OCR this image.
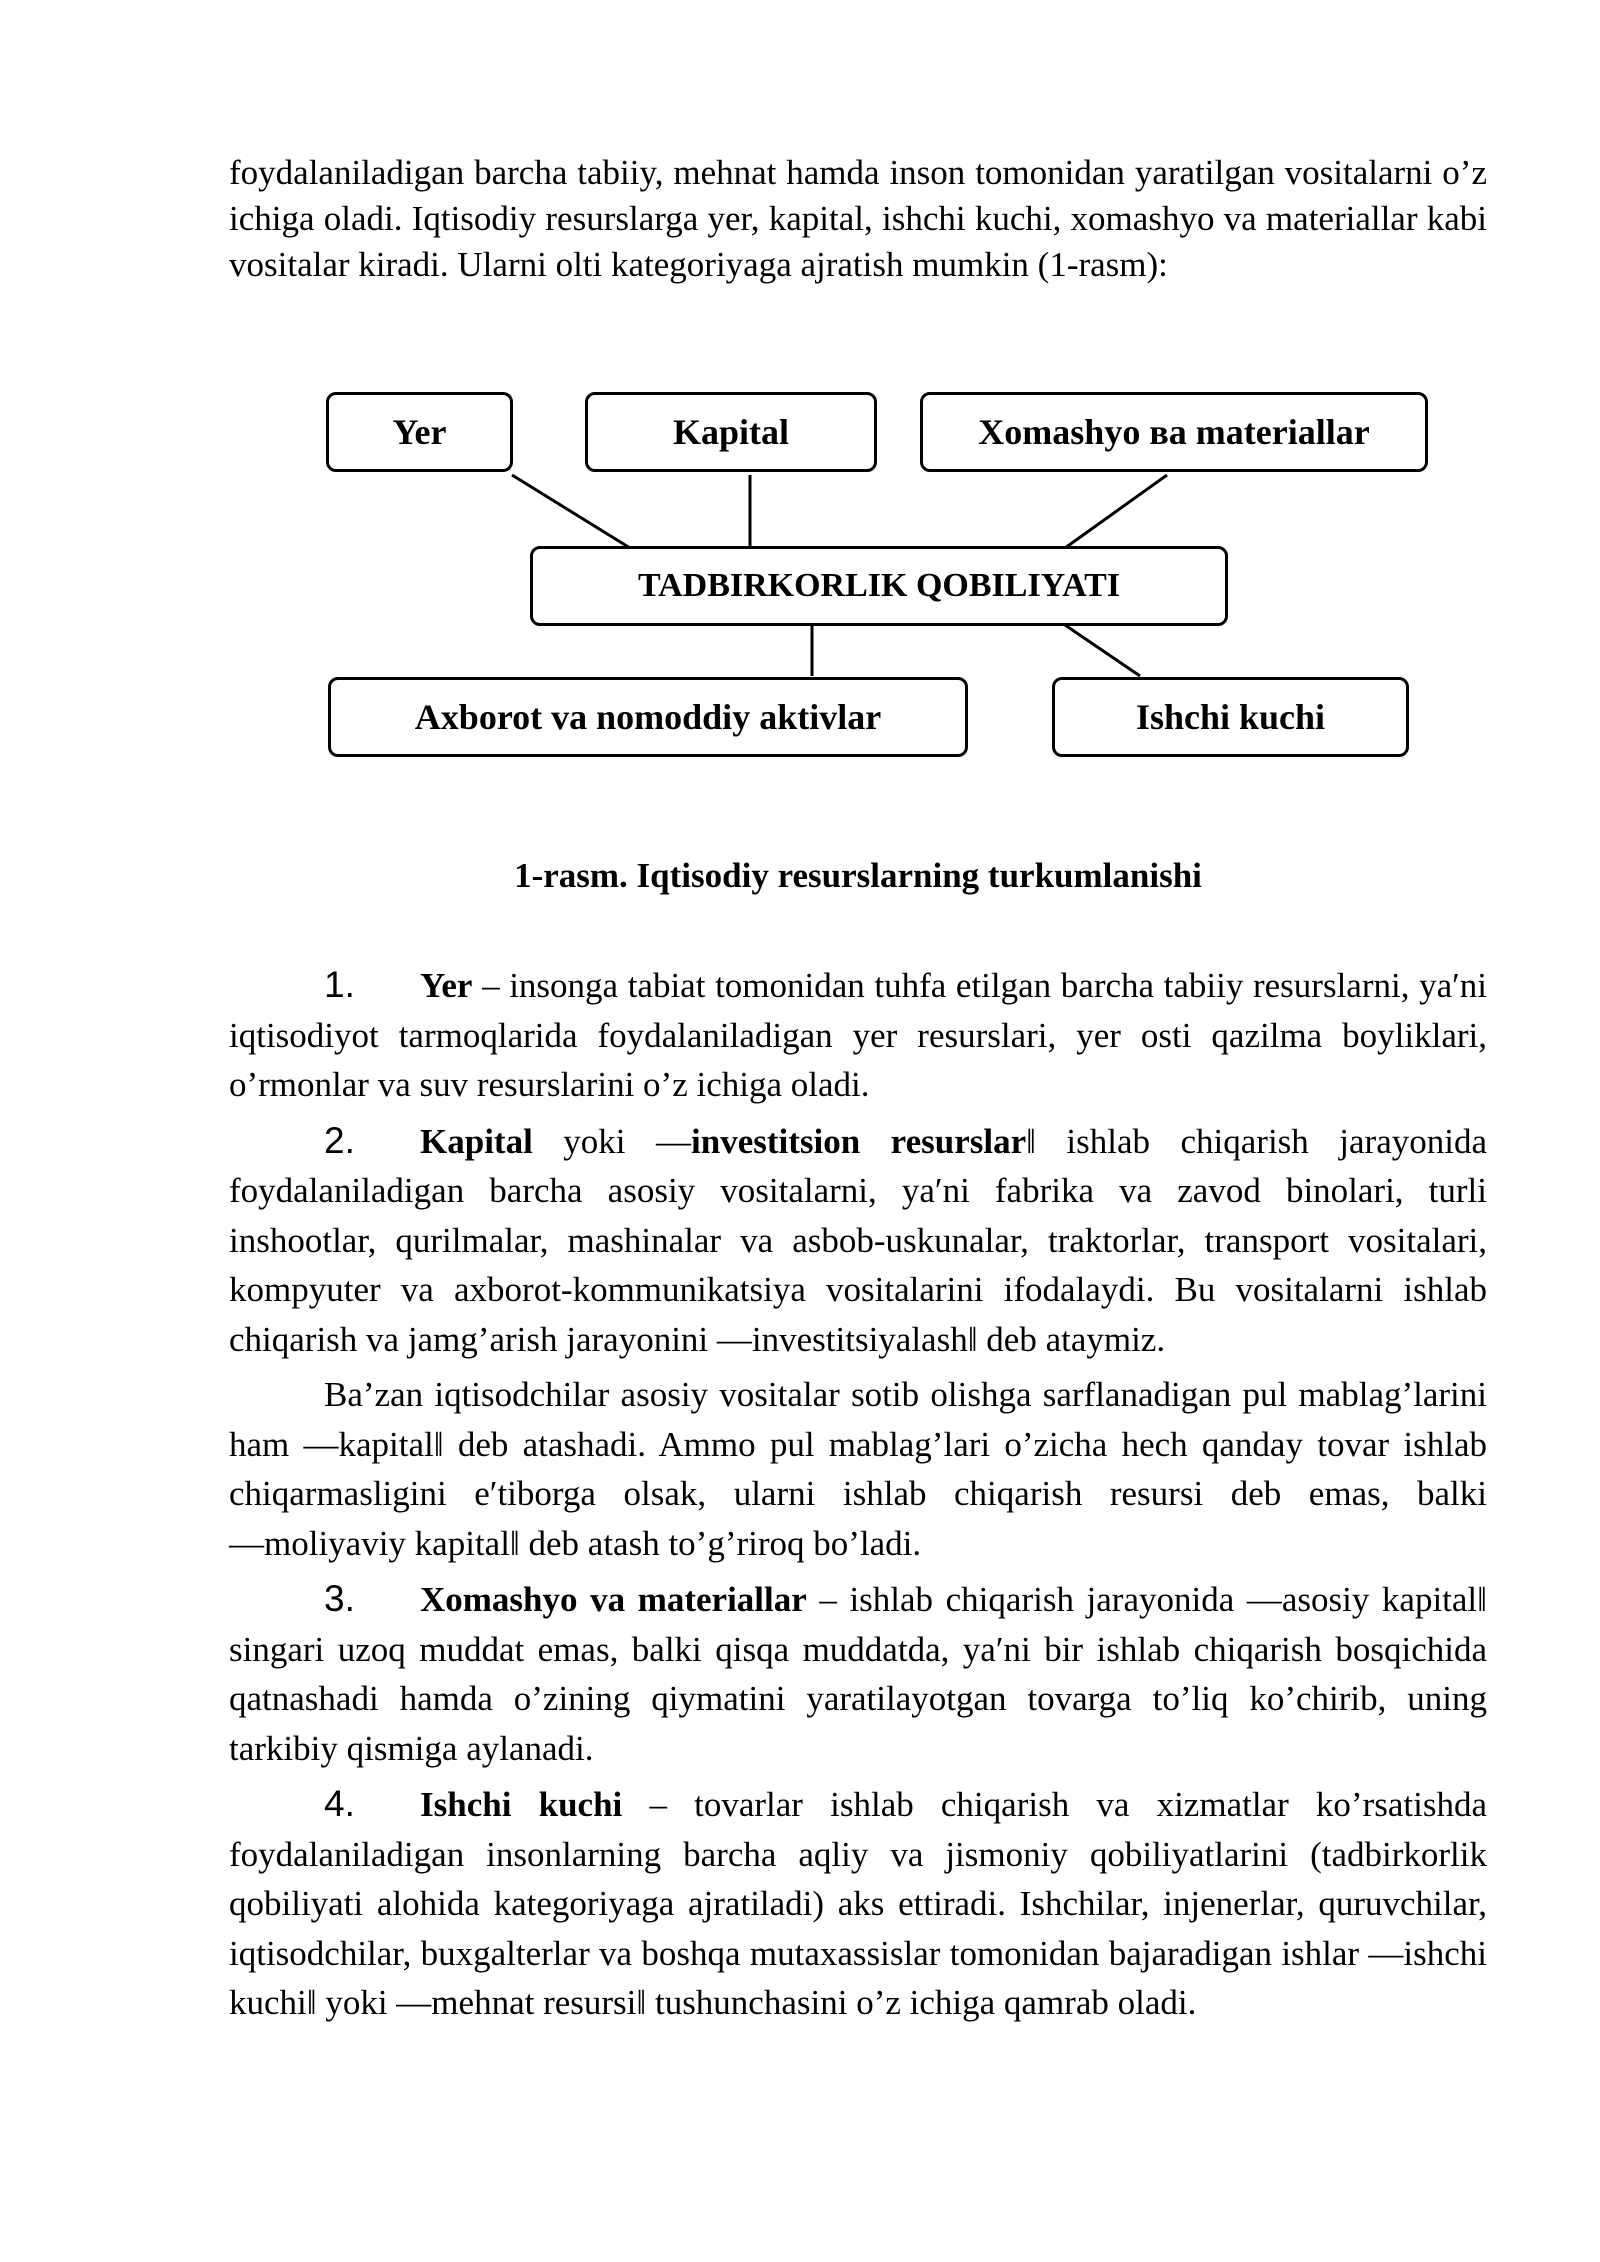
foydalaniladigan barcha tabiiy, mehnat hamda inson tomonidan yaratilgan vositalarni o’z ichiga oladi. Iqtisodiy resurslarga yer, kapital, ishchi kuchi, xomashyo va materiallar kabi vositalar kiradi. Ularni olti kategoriyaga ajratish mumkin (1-rasm):

Yer	Kapital	Xomashyo ва materiallar
TADBIRKORLIK QOBILIYATI
Axborot va nomoddiy aktivlar	Ishchi kuchi

1-rasm. Iqtisodiy resurslarning turkumlanishi

1. Yer – insonga tabiat tomonidan tuhfa etilgan barcha tabiiy resurslarni, ya′ni iqtisodiyot tarmoqlarida foydalaniladigan yer resurslari, yer osti qazilma boyliklari, o’rmonlar va suv resurslarini o’z ichiga oladi.

2. Kapital yoki ―investitsion resurslar‖ ishlab chiqarish jarayonida foydalaniladigan barcha asosiy vositalarni, ya′ni fabrika va zavod binolari, turli inshootlar, qurilmalar, mashinalar va asbob-uskunalar, traktorlar, transport vositalari, kompyuter va axborot-kommunikatsiya vositalarini ifodalaydi. Bu vositalarni ishlab chiqarish va jamg’arish jarayonini ―investitsiyalash‖ deb ataymiz.

Ba’zan iqtisodchilar asosiy vositalar sotib olishga sarflanadigan pul mablag’larini ham ―kapital‖ deb atashadi. Ammo pul mablag’lari o’zicha hech qanday tovar ishlab chiqarmasligini e′tiborga olsak, ularni ishlab chiqarish resursi deb emas, balki ―moliyaviy kapital‖ deb atash to’g’riroq bo’ladi.

3. Xomashyo va materiallar – ishlab chiqarish jarayonida ―asosiy kapital‖ singari uzoq muddat emas, balki qisqa muddatda, ya′ni bir ishlab chiqarish bosqichida qatnashadi hamda o’zining qiymatini yaratilayotgan tovarga to’liq ko’chirib, uning tarkibiy qismiga aylanadi.

4. Ishchi kuchi – tovarlar ishlab chiqarish va xizmatlar ko’rsatishda foydalaniladigan insonlarning barcha aqliy va jismoniy qobiliyatlarini (tadbirkorlik qobiliyati alohida kategoriyaga ajratiladi) aks ettiradi. Ishchilar, injenerlar, quruvchilar, iqtisodchilar, buxgalterlar va boshqa mutaxassislar tomonidan bajaradigan ishlar ―ishchi kuchi‖ yoki ―mehnat resursi‖ tushunchasini o’z ichiga qamrab oladi.
